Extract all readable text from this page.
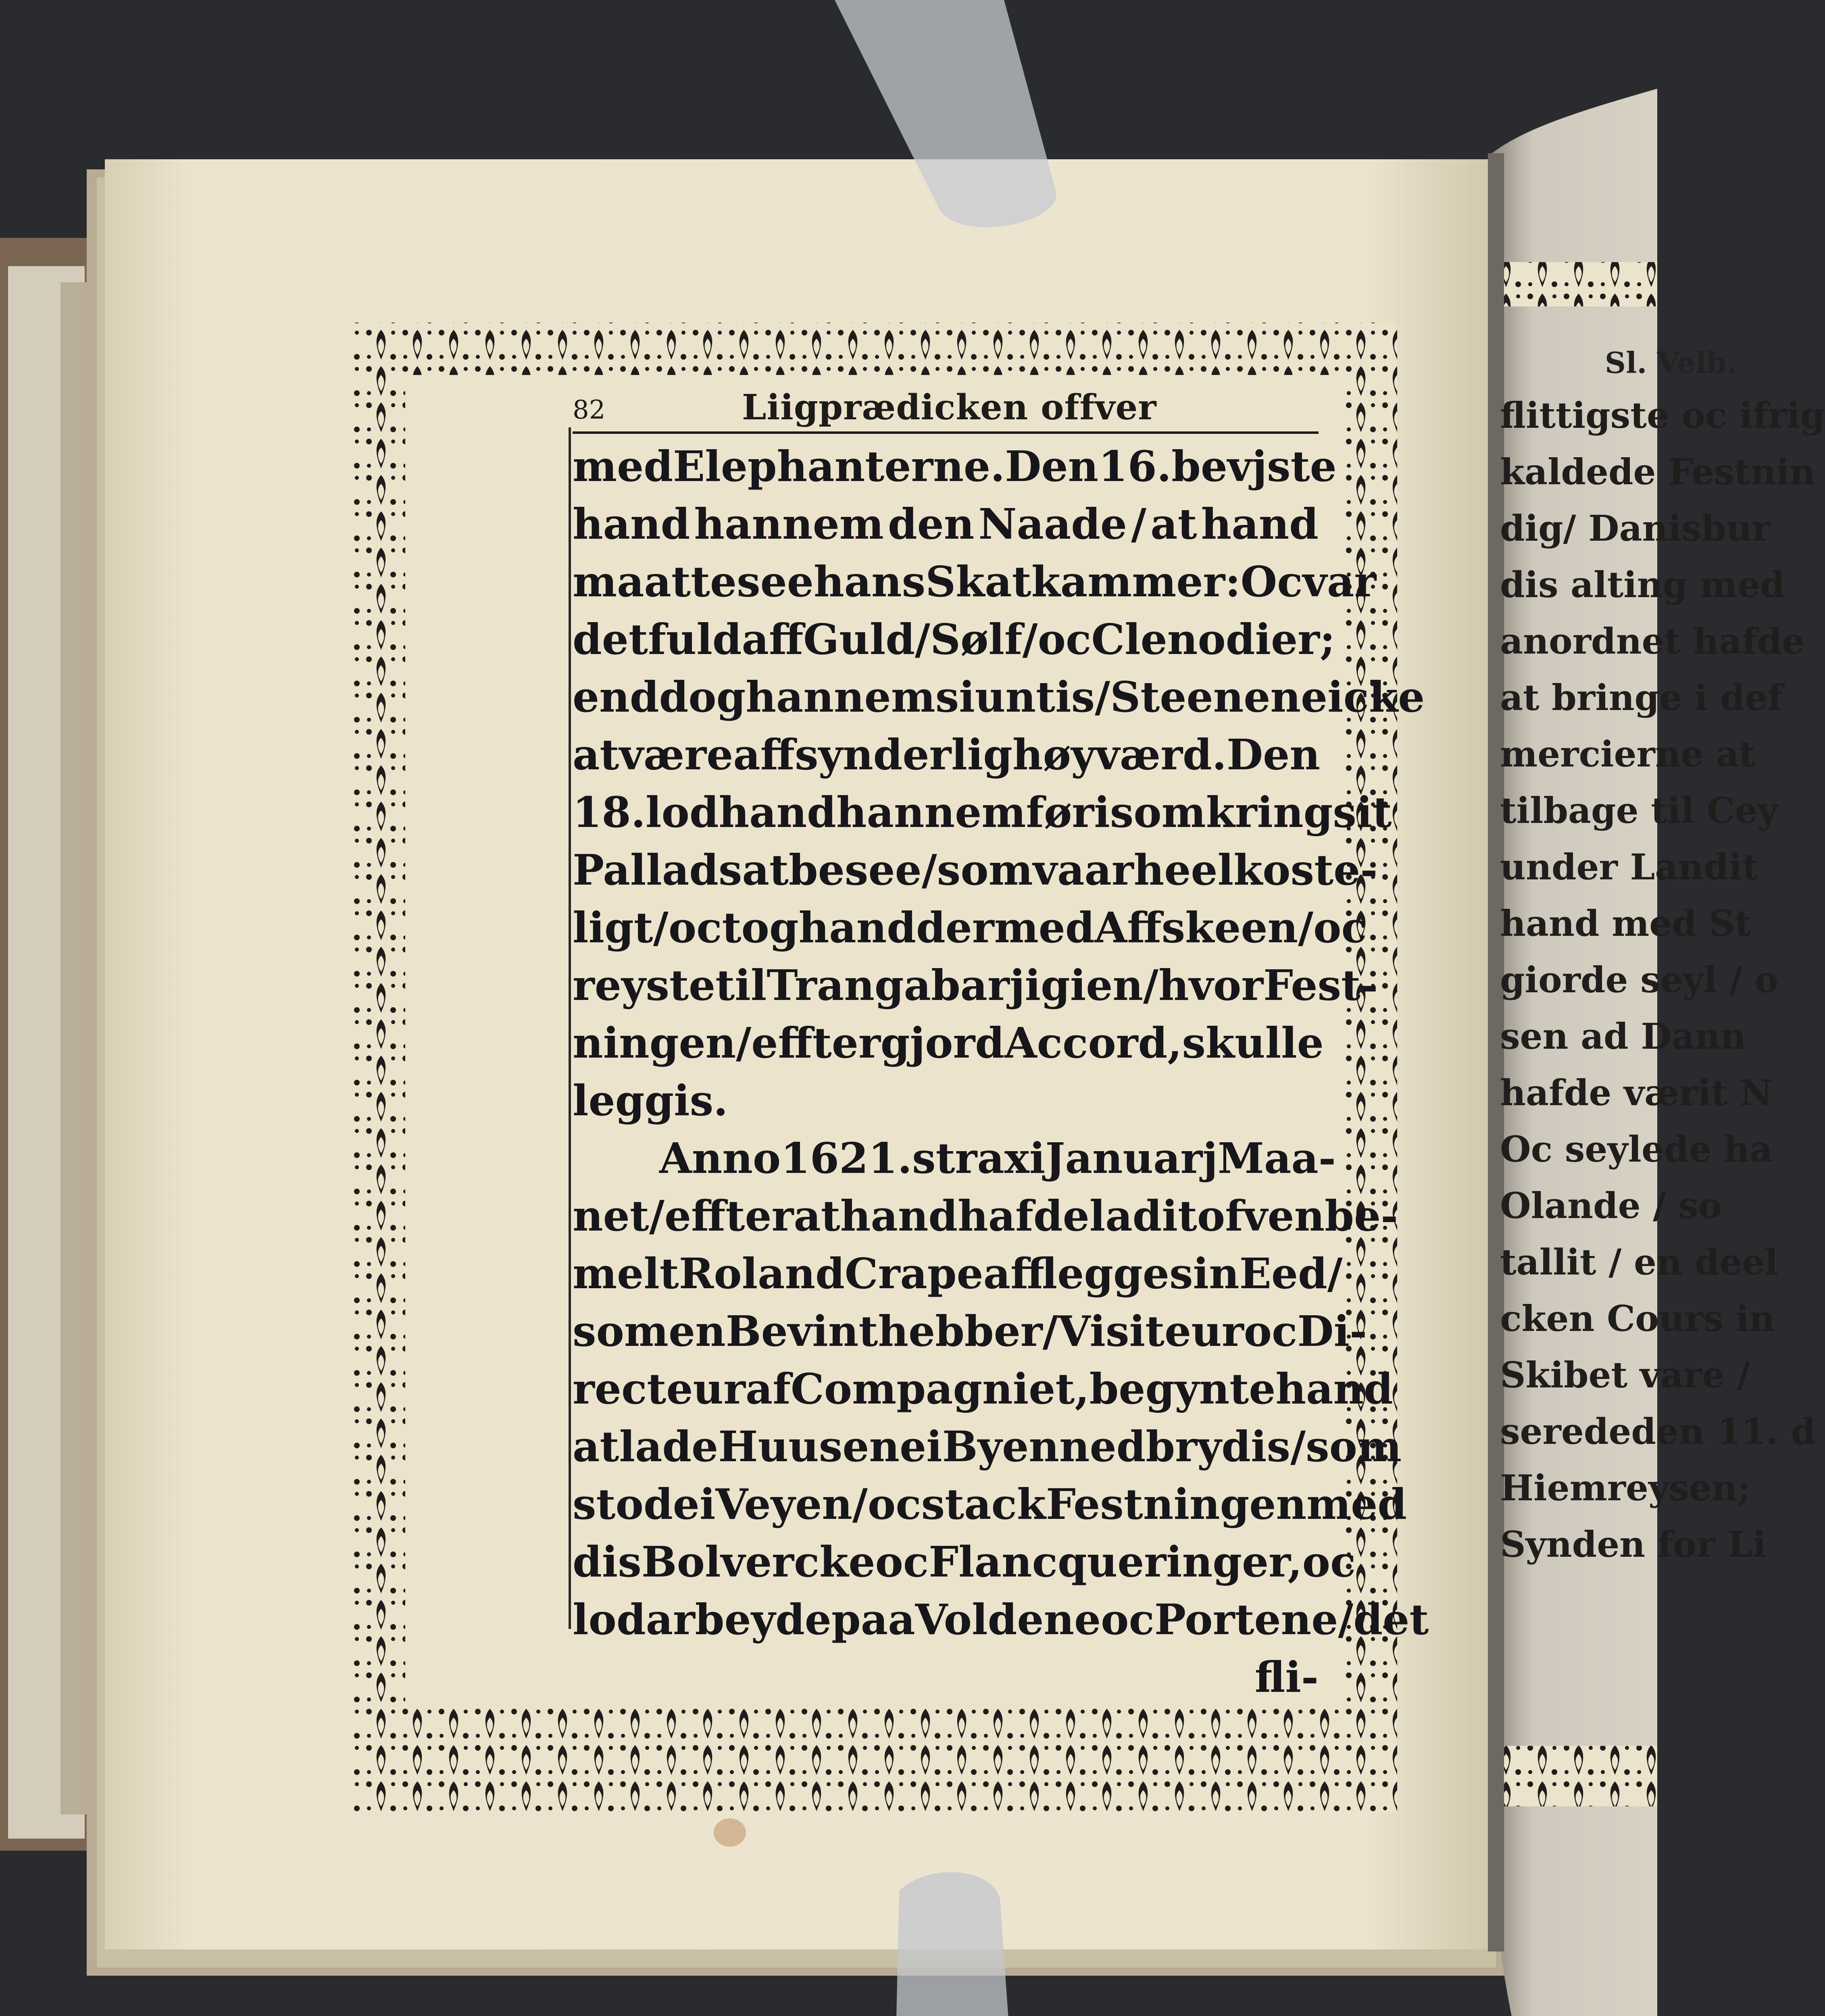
82	Liigprædicken offver
med Elephanterne. Den 16. bevjste
hand hannem den Naade / at hand
maatte see hans Skatkammer: Oc var
det fuld aff Guld / Sølf / oc Clenodier;
enddog hannem siuntis / Steenene icke
at være aff synderlig høyværd. Den
18. lod hand hannem føris omkring sit
Pallads at besee / som vaar heel koste-
ligt / oc tog hand dermed Affskeen / oc
reyste til Trangabarj igien / hvor Fest-
ningen / effter gjord Accord, skulle
leggis.
Anno 1621. strax i Januarj Maa-
net / effter at hand hafde ladit ofvenbe-
melt Roland Crape afflegge sin Eed /
som en Bevinthebber / Visiteur oc Di-
recteur af Compagniet, begynte hand
at lade Huusene i Byen nedbrydis/som
stode i Veyen / oc stack Festningen med
dis Bolvercke oc Flancqueringer, oc
lod arbeyde paa Voldene oc Portene/det
fli-
Sl. Velb.
flittigste oc ifrig
kaldede Festnin
dig/ Danisbur
dis alting med
anordnet hafde
at bringe i def
mercierne at
tilbage til Cey
under Landit
hand med St
giorde seyl / o
sen ad Dann
hafde værit N
Oc seylede ha
Olande / so
tallit / en deel
cken Cours in
Skibet vare /
serededen 11. d
Hiemreysen;
Synden for Li
